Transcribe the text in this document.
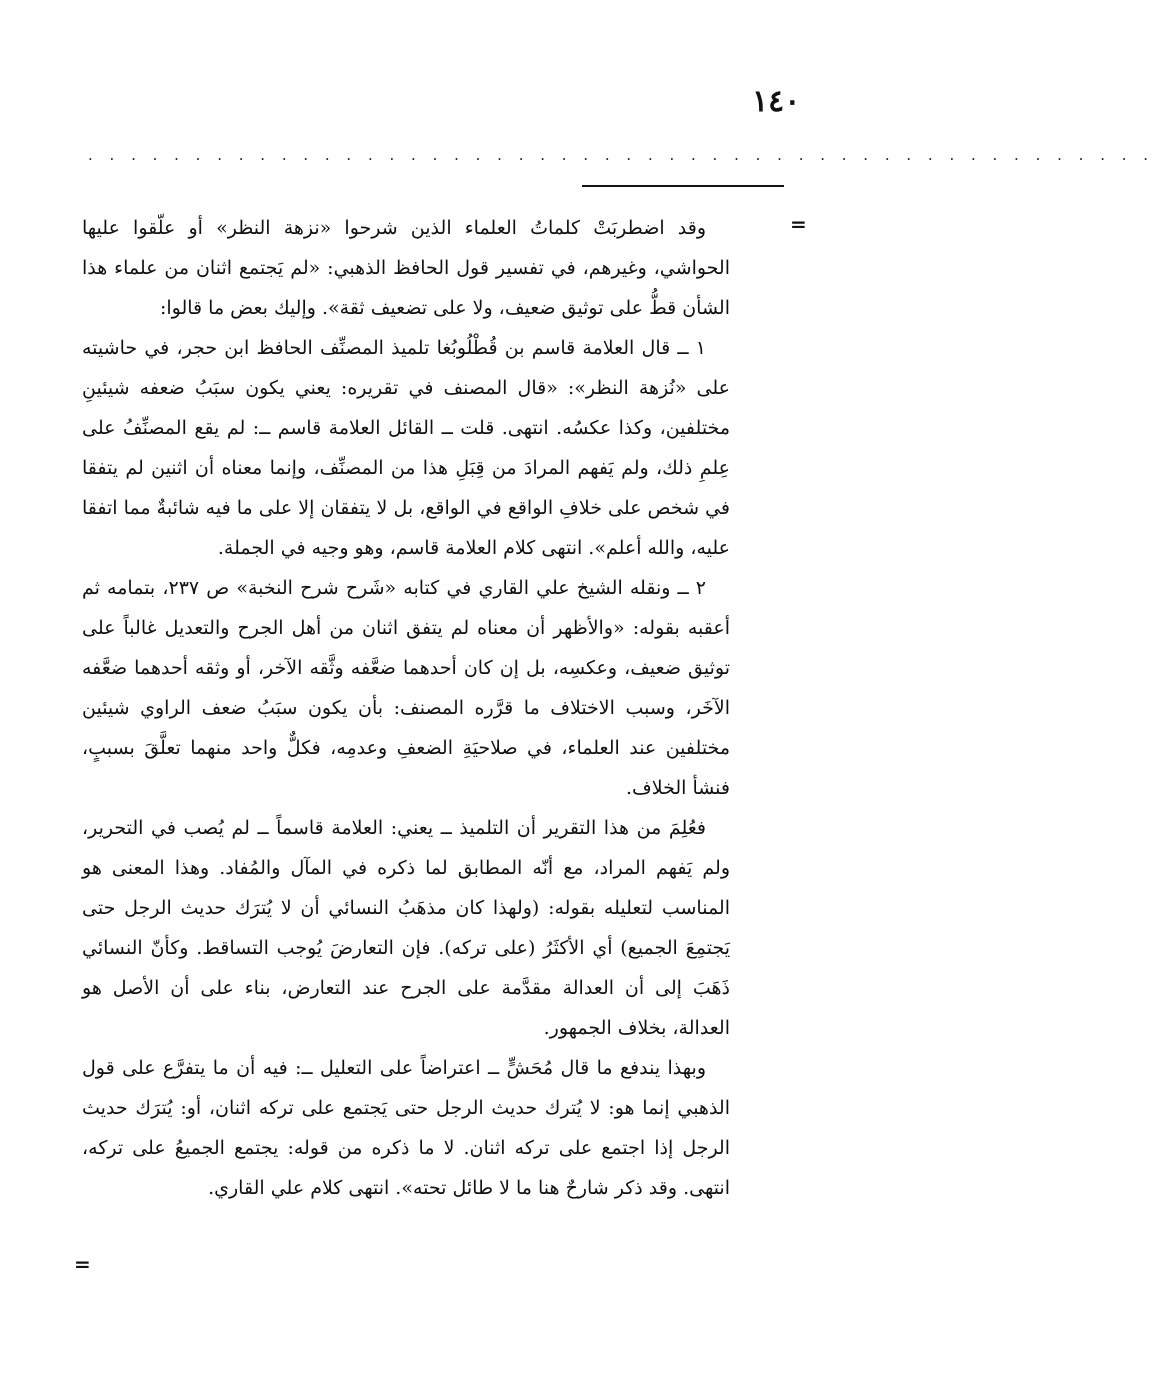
١٤٠
· · · · · · · · · · · · · · · · · · · · · · · · · · · · · · · · · · · · · · · · · · · · · · · · · ·
=

وقد اضطربَتْ كلماتُ العلماء الذين شرحوا «نزهة النظر» أو علّقوا عليها الحواشي، وغيرهم، في تفسير قول الحافظ الذهبي: «لم يَجتمع اثنان من علماء هذا الشأن قطُّ على توثيق ضعيف، ولا على تضعيف ثقة». وإليك بعض ما قالوا:

١ ــ قال العلامة قاسم بن قُطْلُوبُغا تلميذ المصنِّف الحافظ ابن حجر، في حاشيته على «نُزهة النظر»: «قال المصنف في تقريره: يعني يكون سبَبُ ضعفه شيئينِ مختلفين، وكذا عكسُه. انتهى. قلت ــ القائل العلامة قاسم ــ: لم يقع المصنِّفُ على عِلمِ ذلك، ولم يَفهم المرادَ من قِبَلِ هذا من المصنِّف، وإنما معناه أن اثنين لم يتفقا في شخص على خلافِ الواقع في الواقع، بل لا يتفقان إلا على ما فيه شائبةٌ مما اتفقا عليه، والله أعلم». انتهى كلام العلامة قاسم، وهو وجيه في الجملة.

٢ ــ ونقله الشيخ علي القاري في كتابه «شَرح شرح النخبة» ص ٢٣٧، بتمامه ثم أعقبه بقوله: «والأظهر أن معناه لم يتفق اثنان من أهل الجرح والتعديل غالباً على توثيق ضعيف، وعكسِه، بل إن كان أحدهما ضعَّفه وثَّقه الآخر، أو وثقه أحدهما ضعَّفه الآخَر، وسبب الاختلاف ما قرَّره المصنف: بأن يكون سبَبُ ضعف الراوي شيئين مختلفين عند العلماء، في صلاحيَةِ الضعفِ وعدمِه، فكلٌّ واحد منهما تعلَّقَ بسببٍ، فنشأ الخلاف.

فعُلِمَ من هذا التقرير أن التلميذ ــ يعني: العلامة قاسماً ــ لم يُصب في التحرير، ولم يَفهم المراد، مع أنّه المطابق لما ذكره في المآل والمُفاد. وهذا المعنى هو المناسب لتعليله بقوله: (ولهذا كان مذهَبُ النسائي أن لا يُترَك حديث الرجل حتى يَجتمِعَ الجميع) أي الأكثَرُ (على تركه). فإن التعارضَ يُوجب التساقط. وكأنّ النسائي ذَهَبَ إلى أن العدالة مقدَّمة على الجرح عند التعارض، بناء على أن الأصل هو العدالة، بخلاف الجمهور.

وبهذا يندفع ما قال مُحَشٍّ ــ اعتراضاً على التعليل ــ: فيه أن ما يتفرَّع على قول الذهبي إنما هو: لا يُترك حديث الرجل حتى يَجتمع على تركه اثنان، أو: يُترَك حديث الرجل إذا اجتمع على تركه اثنان. لا ما ذكره من قوله: يجتمع الجميعُ على تركه، انتهى. وقد ذكر شارحٌ هنا ما لا طائل تحته». انتهى كلام علي القاري.

=
